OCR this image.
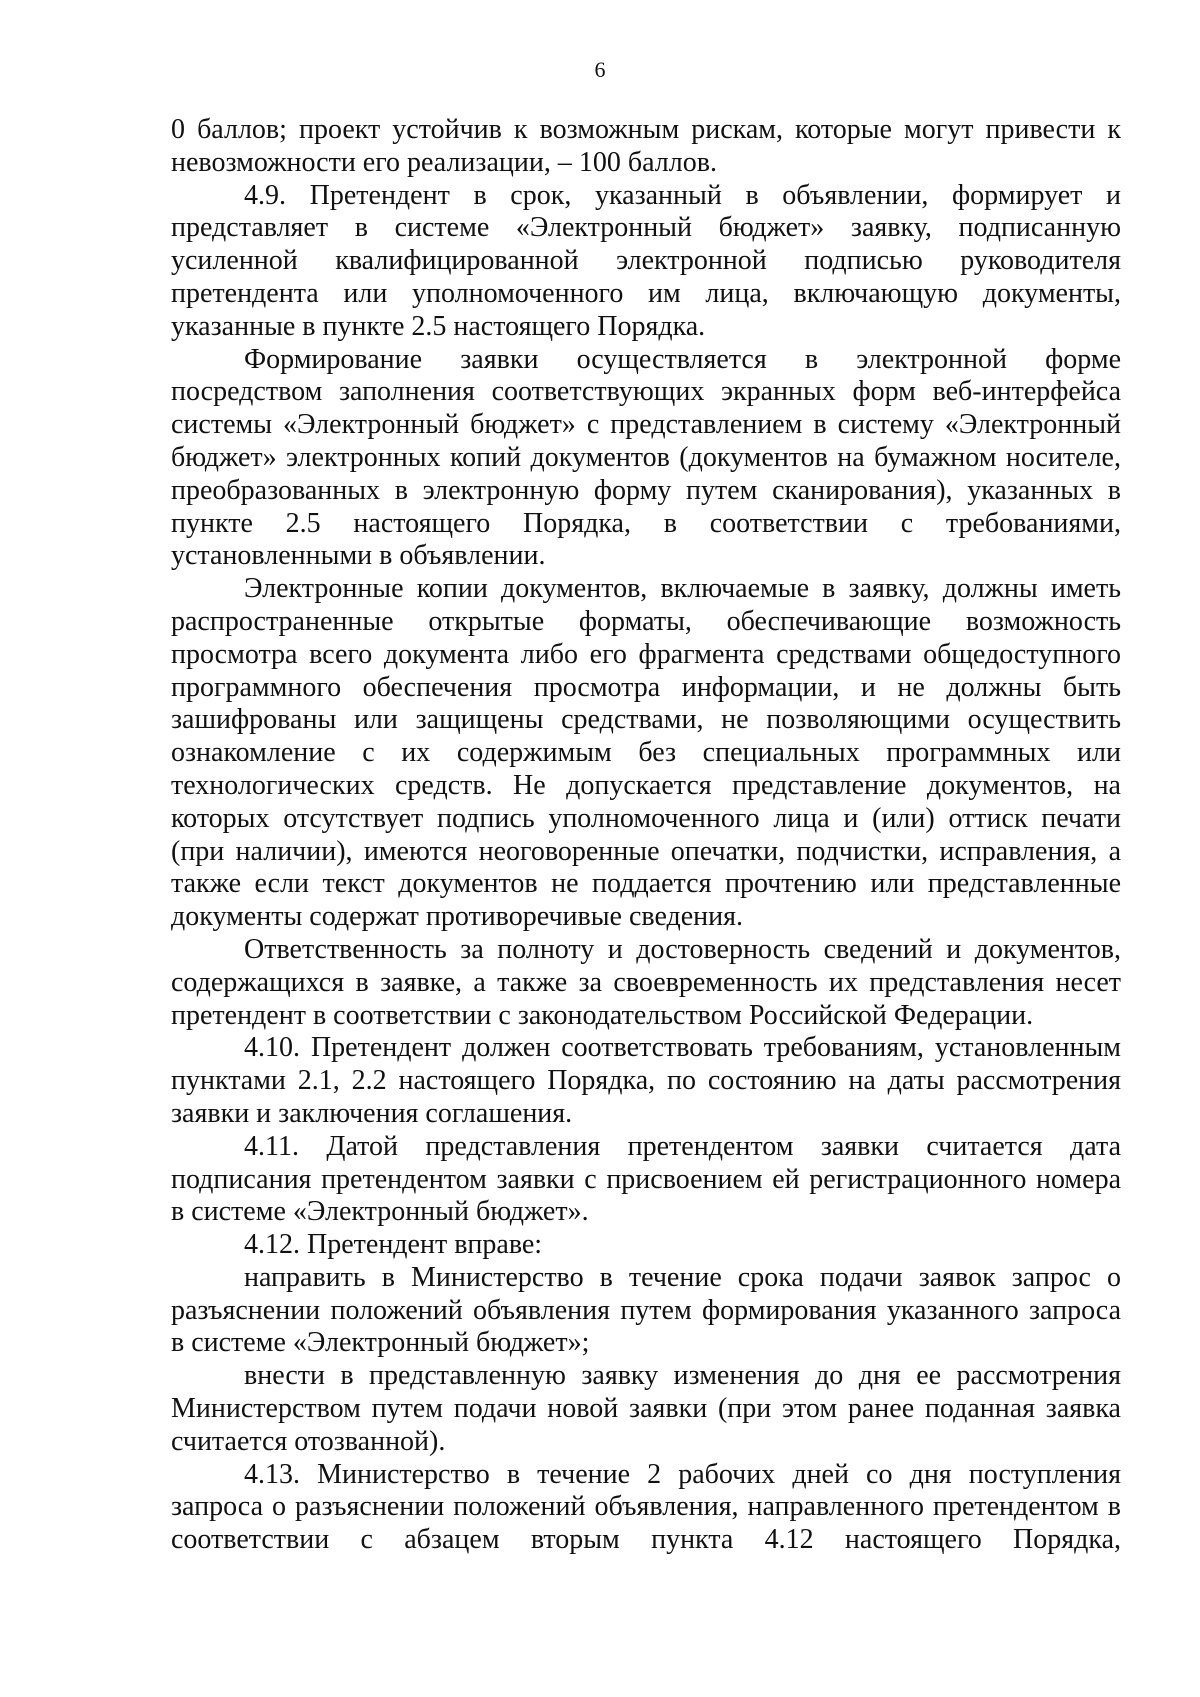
6

0 баллов; проект устойчив к возможным рискам, которые могут привести к невозможности его реализации, – 100 баллов.

4.9. Претендент в срок, указанный в объявлении, формирует и представляет в системе «Электронный бюджет» заявку, подписанную усиленной квалифицированной электронной подписью руководителя претендента или уполномоченного им лица, включающую документы, указанные в пункте 2.5 настоящего Порядка.

Формирование заявки осуществляется в электронной форме посредством заполнения соответствующих экранных форм веб-интерфейса системы «Электронный бюджет» с представлением в систему «Электронный бюджет» электронных копий документов (документов на бумажном носителе, преобразованных в электронную форму путем сканирования), указанных в пункте 2.5 настоящего Порядка, в соответствии с требованиями, установленными в объявлении.

Электронные копии документов, включаемые в заявку, должны иметь распространенные открытые форматы, обеспечивающие возможность просмотра всего документа либо его фрагмента средствами общедоступного программного обеспечения просмотра информации, и не должны быть зашифрованы или защищены средствами, не позволяющими осуществить ознакомление с их содержимым без специальных программных или технологических средств. Не допускается представление документов, на которых отсутствует подпись уполномоченного лица и (или) оттиск печати (при наличии), имеются неоговоренные опечатки, подчистки, исправления, а также если текст документов не поддается прочтению или представленные документы содержат противоречивые сведения.

Ответственность за полноту и достоверность сведений и документов, содержащихся в заявке, а также за своевременность их представления несет претендент в соответствии с законодательством Российской Федерации.

4.10. Претендент должен соответствовать требованиям, установленным пунктами 2.1, 2.2 настоящего Порядка, по состоянию на даты рассмотрения заявки и заключения соглашения.

4.11. Датой представления претендентом заявки считается дата подписания претендентом заявки с присвоением ей регистрационного номера в системе «Электронный бюджет».

4.12. Претендент вправе:

направить в Министерство в течение срока подачи заявок запрос о разъяснении положений объявления путем формирования указанного запроса в системе «Электронный бюджет»;

внести в представленную заявку изменения до дня ее рассмотрения Министерством путем подачи новой заявки (при этом ранее поданная заявка считается отозванной).

4.13. Министерство в течение 2 рабочих дней со дня поступления запроса о разъяснении положений объявления, направленного претендентом в соответствии с абзацем вторым пункта 4.12 настоящего Порядка,
